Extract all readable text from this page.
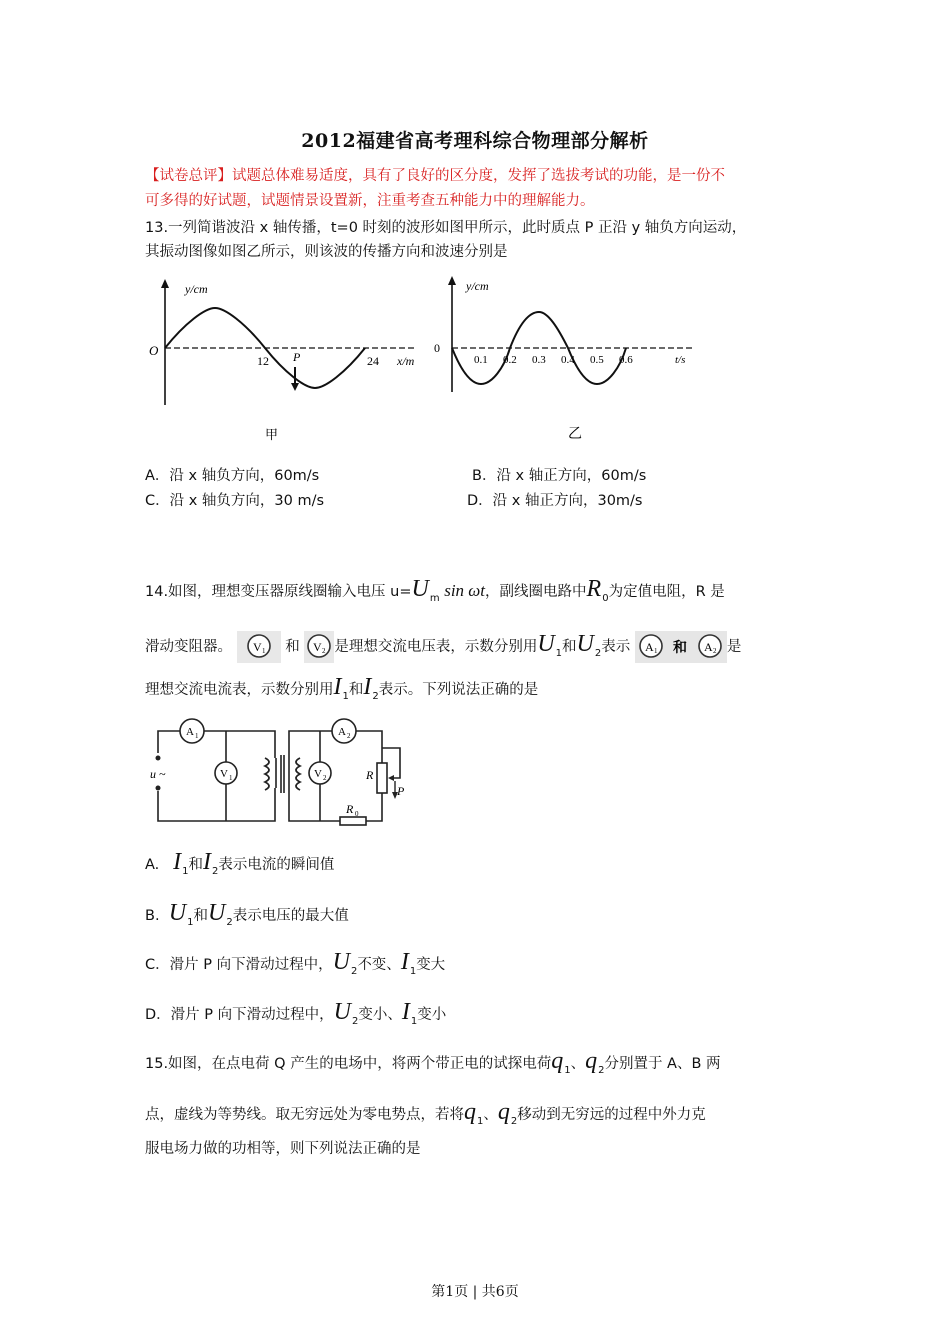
2012福建省高考理科综合物理部分解析
【试卷总评】试题总体难易适度，具有了良好的区分度，发挥了选拔考试的功能，是一份不
可多得的好试题，试题情景设置新，注重考查五种能力中的理解能力。
13.一列简谐波沿 x 轴传播，t=0 时刻的波形如图甲所示，此时质点 P 正沿 y 轴负方向运动，
其振动图像如图乙所示，则该波的传播方向和波速分别是
y/cm
O
12	24
P	x/m
甲
y/cm
0
0.1 0.2 0.3 0.4 0.5 0.6	t/s
乙
A．沿 x 轴负方向，60m/s	B．沿 x 轴正方向，60m/s
C．沿 x 轴负方向，30 m/s	D．沿 x 轴正方向，30m/s
14.如图，理想变压器原线圈输入电压 $u=U_m$ sin ωt，副线圈电路中$R_0$为定值电阻，R 是
滑动变阻器。 V 1 和 V 2 是理想交流电压表，示数分别用$U_1$和$U_2$表示 A 1 和 A 2 是
理想交流电流表，示数分别用$I_1$和$I_2$表示。下列说法正确的是
A 1
V 1
A 2
V 2
u ~	R
R 0
P
A. $I_1$和$I_2$表示电流的瞬间值
B. $U_1$和$U_2$表示电压的最大值
C．滑片 P 向下滑动过程中，$U_2$不变、$I_1$变大
D．滑片 P 向下滑动过程中，$U_2$变小、$I_1$变小
15.如图，在点电荷 Q 产生的电场中，将两个带正电的试探电荷$q_1$、$q_2$分别置于 A、B 两
点，虚线为等势线。取无穷远处为零电势点，若将$q_1$、$q_2$移动到无穷远的过程中外力克
服电场力做的功相等，则下列说法正确的是
第1页 | 共6页
